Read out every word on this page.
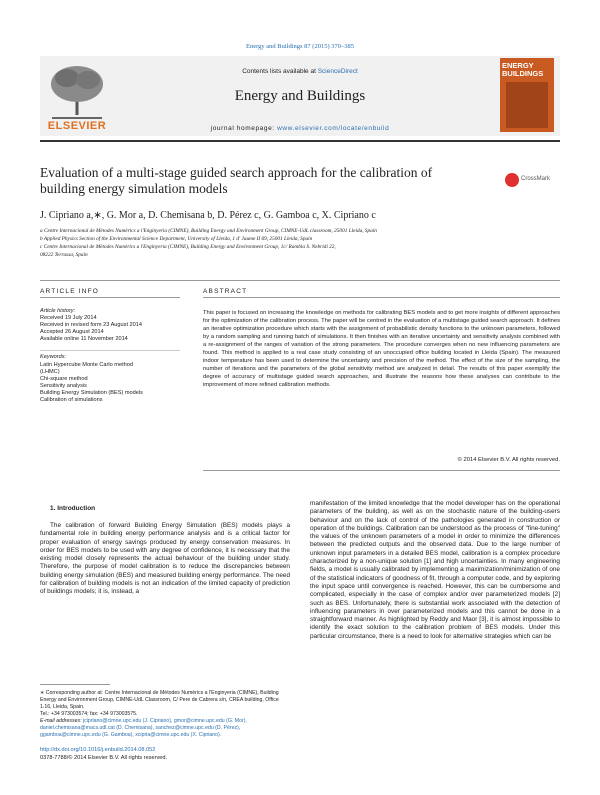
Energy and Buildings 87 (2015) 370–385
ELSEVIER
Contents lists available at ScienceDirect
Energy and Buildings
journal homepage: www.elsevier.com/locate/enbuild
ENERGY BUILDINGS
Evaluation of a multi-stage guided search approach for the calibration of building energy simulation models
CrossMark
J. Cipriano a,∗, G. Mor a, D. Chemisana b, D. Pérez c, G. Gamboa c, X. Cipriano c
a Centre Internacional de Mètodes Numèrics a l'Enginyeria (CIMNE), Building Energy and Environment Group, CIMNE-UdL classroom, 25001 Lleida, Spain
b Applied Physics Section of the Environmental Science Department, University of Lleida, 1 d' Jaume II 69, 25001 Lleida, Spain
c Centre Internacional de Mètodes Numèrics a l'Enginyeria (CIMNE), Building Energy and Environment Group, 1c/ Rambla S. Nebridi 22,
08222 Terrassa, Spain
ARTICLE INFO	ABSTRACT
Article history:
Received 19 July 2014
Received in revised form 23 August 2014
Accepted 26 August 2014
Available online 11 November 2014
Keywords:
Latin Hypercube Monte Carlo method
(LHMC)
Chi-square method
Sensitivity analysis
Building Energy Simulation (BES) models
Calibration of simulations
This paper is focused on increasing the knowledge on methods for calibrating BES models and to get more insights of different approaches for the optimization of the calibration process. The paper will be centred in the evaluation of a multistage guided search approach. It defines an iterative optimization procedure which starts with the assignment of probabilistic density functions to the unknown parameters, followed by a random sampling and running batch of simulations. It then finishes with an iterative uncertainty and sensitivity analysis combined with a re-assignment of the ranges of variation of the strong parameters. The procedure converges when no new influencing parameters are found. This method is applied to a real case study consisting of an unoccupied office building located in Lleida (Spain). The measured indoor temperature has been used to determine the uncertainty and precision of the method. The effect of the size of the sampling, the number of iterations and the parameters of the global sensitivity method are analyzed in detail. The results of this paper exemplify the degree of accuracy of multistage guided search approaches, and illustrate the reasons how these analyses can contribute to the improvement of more refined calibration methods.
© 2014 Elsevier B.V. All rights reserved.
1. Introduction
The calibration of forward Building Energy Simulation (BES) models plays a fundamental role in building energy performance analysis and is a critical factor for proper evaluation of energy savings produced by energy conservation measures. In order for BES models to be used with any degree of confidence, it is necessary that the existing model closely represents the actual behaviour of the building under study. Therefore, the purpose of model calibration is to reduce the discrepancies between building energy simulation (BES) and measured building energy performance. The need for calibration of building models is not an indication of the limited capacity of prediction of buildings models; it is, instead, a
manifestation of the limited knowledge that the model developer has on the operational parameters of the building, as well as on the stochastic nature of the building-users behaviour and on the lack of control of the pathologies generated in construction or operation of the buildings. Calibration can be understood as the process of "fine-tuning" the values of the unknown parameters of a model in order to minimize the differences between the predicted outputs and the observed data. Due to the large number of unknown input parameters in a detailed BES model, calibration is a complex procedure characterized by a non-unique solution [1] and high uncertainties. In many engineering fields, a model is usually calibrated by implementing a maximization/minimization of one of the statistical indicators of goodness of fit, through a computer code, and by exploring the input space until convergence is reached. However, this can be cumbersome and complicated, especially in the case of complex and/or over parameterized models [2] such as BES. Unfortunately, there is substantial work associated with the detection of influencing parameters in over parameterized models and this cannot be done in a straightforward manner. As highlighted by Reddy and Maor [3], it is almost impossible to identify the exact solution to the calibration problem of BES models. Under this particular circumstance, there is a need to look for alternative strategies which can be
∗ Corresponding author at: Centre Internacional de Mètodes Numèrics a l'Enginyeria (CIMNE), Building Energy and Environment Group, CIMNE-UdL Classroom, C/ Pere de Cabrera s/n, CREA building, Office 1.16, Lleida, Spain.
Tel.: +34 973003574; fax: +34 973003575.
E-mail addresses: jcipriano@cimne.upc.edu (J. Cipriano), gmor@cimne.upc.edu (G. Mor), daniel.chemisana@macs.udl.cat (D. Chemisana), sanchez@cimne.upc.edu (D. Pérez), ggamboa@cimne.upc.edu (G. Gamboa), xcipria@cimne.upc.edu (X. Cipriano).
http://dx.doi.org/10.1016/j.enbuild.2014.08.052
0378-7788/© 2014 Elsevier B.V. All rights reserved.
